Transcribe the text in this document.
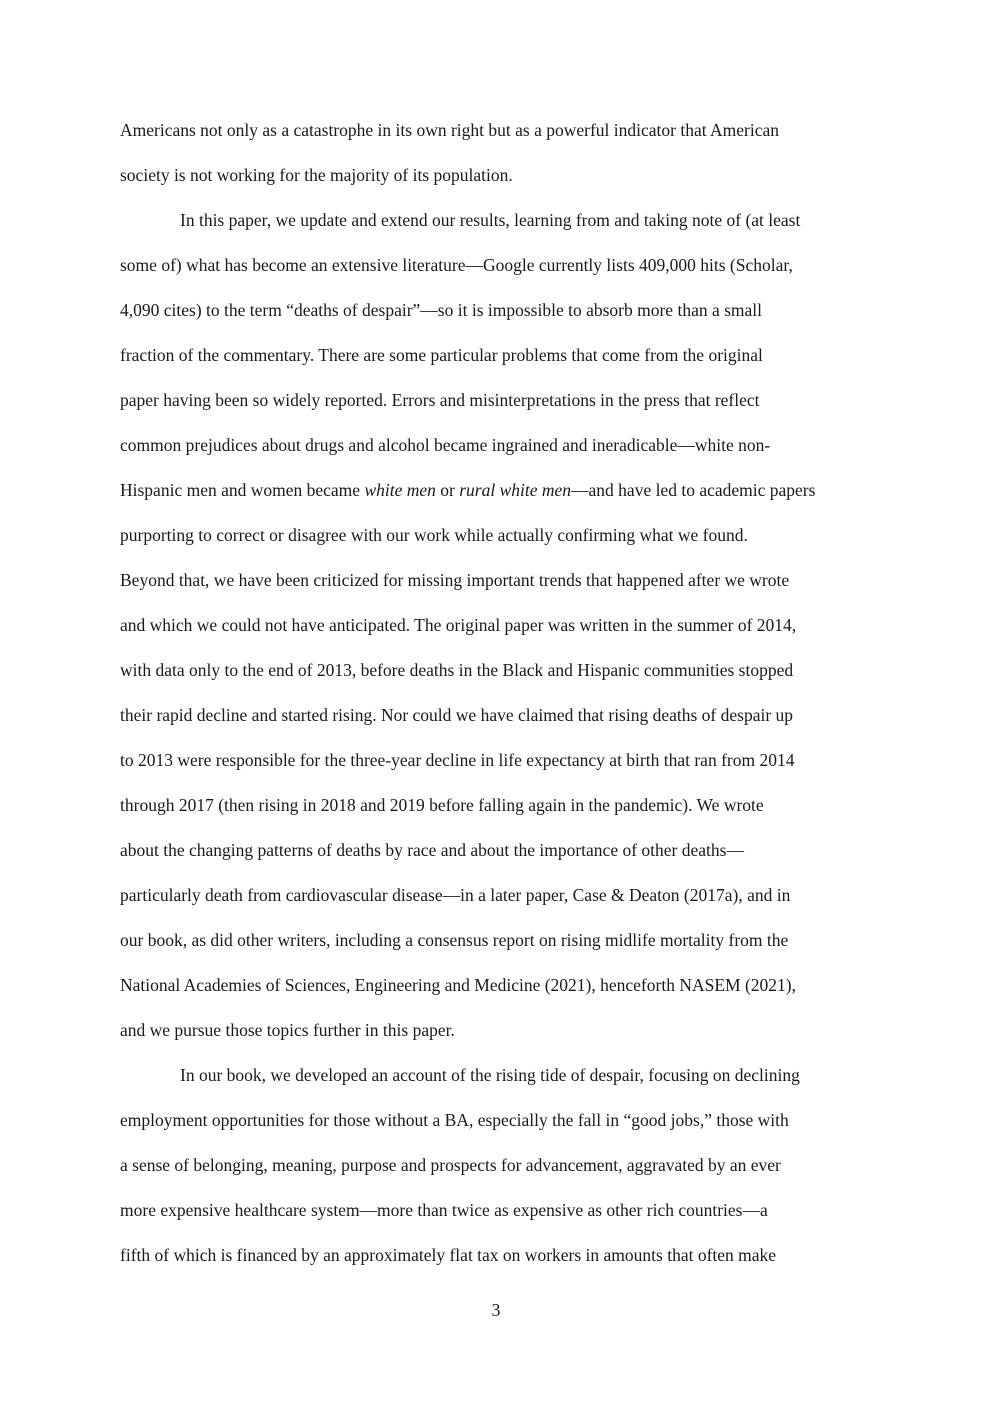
Americans not only as a catastrophe in its own right but as a powerful indicator that American
society is not working for the majority of its population.

In this paper, we update and extend our results, learning from and taking note of (at least
some of) what has become an extensive literature—Google currently lists 409,000 hits (Scholar,
4,090 cites) to the term “deaths of despair”—so it is impossible to absorb more than a small
fraction of the commentary. There are some particular problems that come from the original
paper having been so widely reported. Errors and misinterpretations in the press that reflect
common prejudices about drugs and alcohol became ingrained and ineradicable—white non-
Hispanic men and women became white men or rural white men—and have led to academic papers
purporting to correct or disagree with our work while actually confirming what we found.
Beyond that, we have been criticized for missing important trends that happened after we wrote
and which we could not have anticipated. The original paper was written in the summer of 2014,
with data only to the end of 2013, before deaths in the Black and Hispanic communities stopped
their rapid decline and started rising. Nor could we have claimed that rising deaths of despair up
to 2013 were responsible for the three-year decline in life expectancy at birth that ran from 2014
through 2017 (then rising in 2018 and 2019 before falling again in the pandemic). We wrote
about the changing patterns of deaths by race and about the importance of other deaths—
particularly death from cardiovascular disease—in a later paper, Case & Deaton (2017a), and in
our book, as did other writers, including a consensus report on rising midlife mortality from the
National Academies of Sciences, Engineering and Medicine (2021), henceforth NASEM (2021),
and we pursue those topics further in this paper.

In our book, we developed an account of the rising tide of despair, focusing on declining
employment opportunities for those without a BA, especially the fall in “good jobs,” those with
a sense of belonging, meaning, purpose and prospects for advancement, aggravated by an ever
more expensive healthcare system—more than twice as expensive as other rich countries—a
fifth of which is financed by an approximately flat tax on workers in amounts that often make

3
